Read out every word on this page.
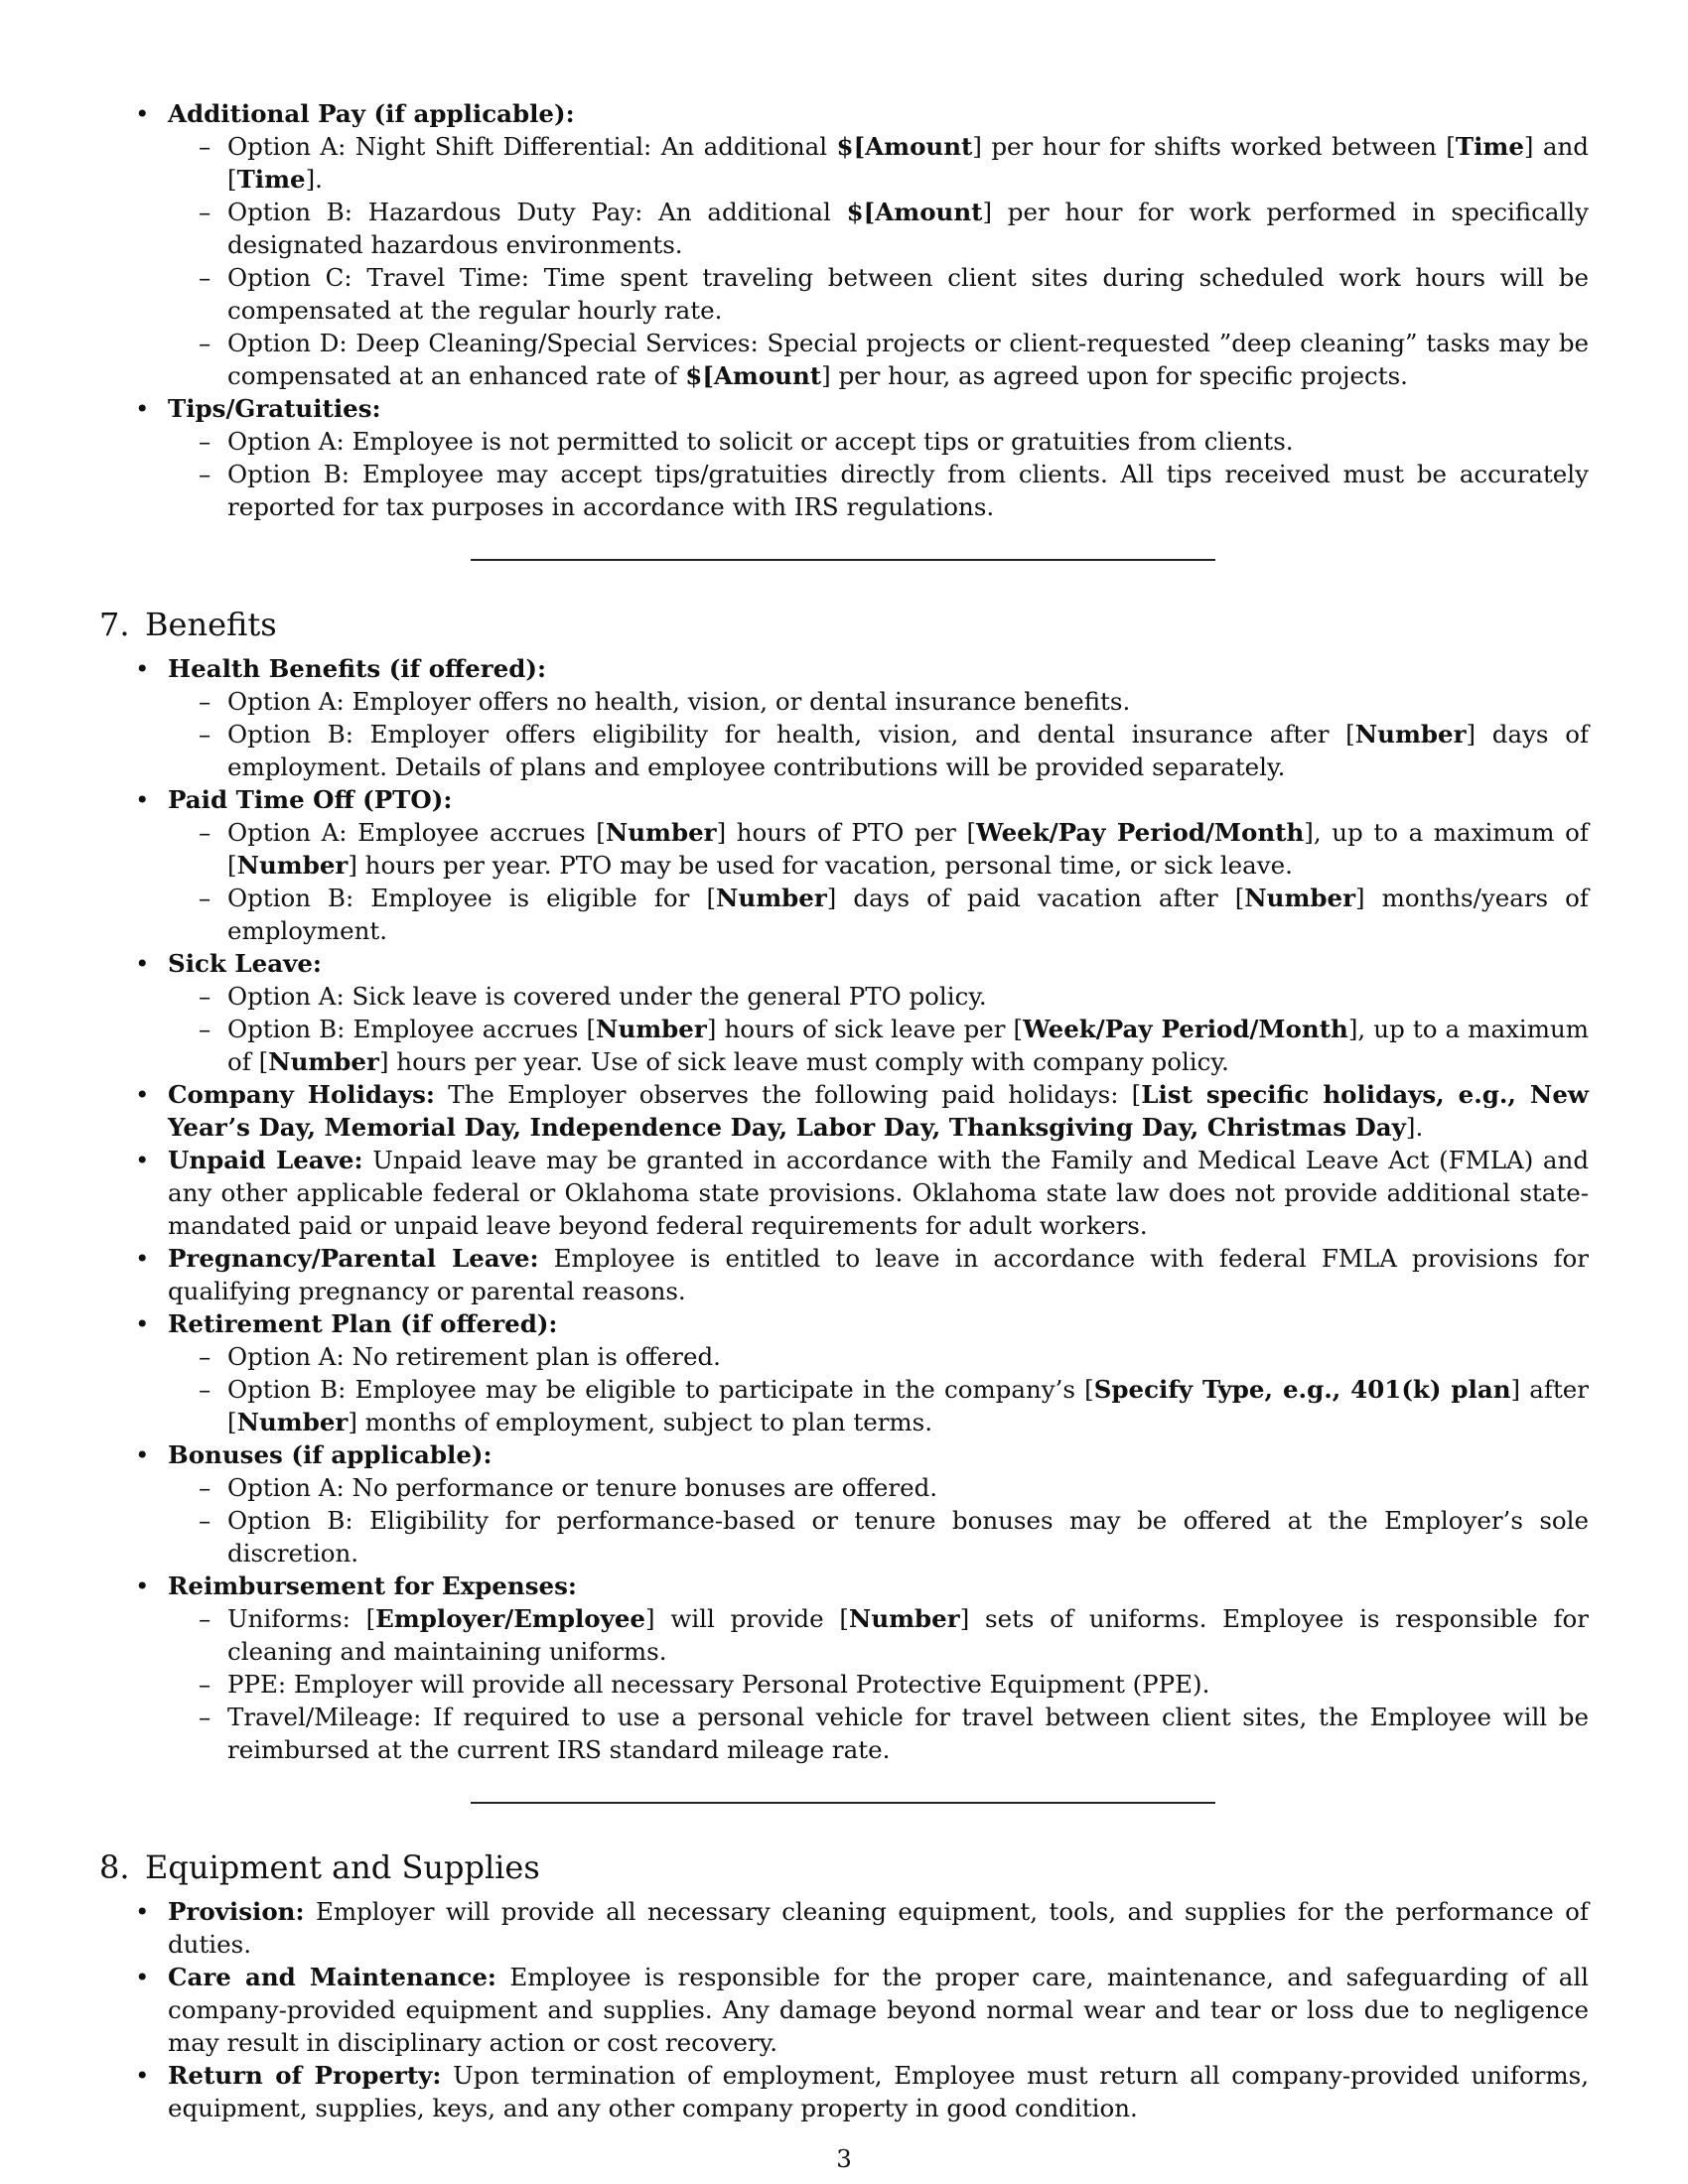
• Additional Pay (if applicable):
– Option A: Night Shift Differential: An additional $[Amount] per hour for shifts worked between [Time] and [Time].
– Option B: Hazardous Duty Pay: An additional $[Amount] per hour for work performed in specifically designated hazardous environments.
– Option C: Travel Time: Time spent traveling between client sites during scheduled work hours will be compensated at the regular hourly rate.
– Option D: Deep Cleaning/Special Services: Special projects or client-requested ”deep cleaning” tasks may be compensated at an enhanced rate of $[Amount] per hour, as agreed upon for specific projects.
• Tips/Gratuities:
– Option A: Employee is not permitted to solicit or accept tips or gratuities from clients.
– Option B: Employee may accept tips/gratuities directly from clients. All tips received must be accurately reported for tax purposes in accordance with IRS regulations.
7. Benefits
• Health Benefits (if offered):
– Option A: Employer offers no health, vision, or dental insurance benefits.
– Option B: Employer offers eligibility for health, vision, and dental insurance after [Number] days of employment. Details of plans and employee contributions will be provided separately.
• Paid Time Off (PTO):
– Option A: Employee accrues [Number] hours of PTO per [Week/Pay Period/Month], up to a maximum of [Number] hours per year. PTO may be used for vacation, personal time, or sick leave.
– Option B: Employee is eligible for [Number] days of paid vacation after [Number] months/years of employment.
• Sick Leave:
– Option A: Sick leave is covered under the general PTO policy.
– Option B: Employee accrues [Number] hours of sick leave per [Week/Pay Period/Month], up to a maximum of [Number] hours per year. Use of sick leave must comply with company policy.
• Company Holidays: The Employer observes the following paid holidays: [List specific holidays, e.g., New Year’s Day, Memorial Day, Independence Day, Labor Day, Thanksgiving Day, Christmas Day].
• Unpaid Leave: Unpaid leave may be granted in accordance with the Family and Medical Leave Act (FMLA) and any other applicable federal or Oklahoma state provisions. Oklahoma state law does not provide additional state-mandated paid or unpaid leave beyond federal requirements for adult workers.
• Pregnancy/Parental Leave: Employee is entitled to leave in accordance with federal FMLA provisions for qualifying pregnancy or parental reasons.
• Retirement Plan (if offered):
– Option A: No retirement plan is offered.
– Option B: Employee may be eligible to participate in the company’s [Specify Type, e.g., 401(k) plan] after [Number] months of employment, subject to plan terms.
• Bonuses (if applicable):
– Option A: No performance or tenure bonuses are offered.
– Option B: Eligibility for performance-based or tenure bonuses may be offered at the Employer’s sole discretion.
• Reimbursement for Expenses:
– Uniforms: [Employer/Employee] will provide [Number] sets of uniforms. Employee is responsible for cleaning and maintaining uniforms.
– PPE: Employer will provide all necessary Personal Protective Equipment (PPE).
– Travel/Mileage: If required to use a personal vehicle for travel between client sites, the Employee will be reimbursed at the current IRS standard mileage rate.
8. Equipment and Supplies
• Provision: Employer will provide all necessary cleaning equipment, tools, and supplies for the performance of duties.
• Care and Maintenance: Employee is responsible for the proper care, maintenance, and safeguarding of all company-provided equipment and supplies. Any damage beyond normal wear and tear or loss due to negligence may result in disciplinary action or cost recovery.
• Return of Property: Upon termination of employment, Employee must return all company-provided uniforms, equipment, supplies, keys, and any other company property in good condition.
3
